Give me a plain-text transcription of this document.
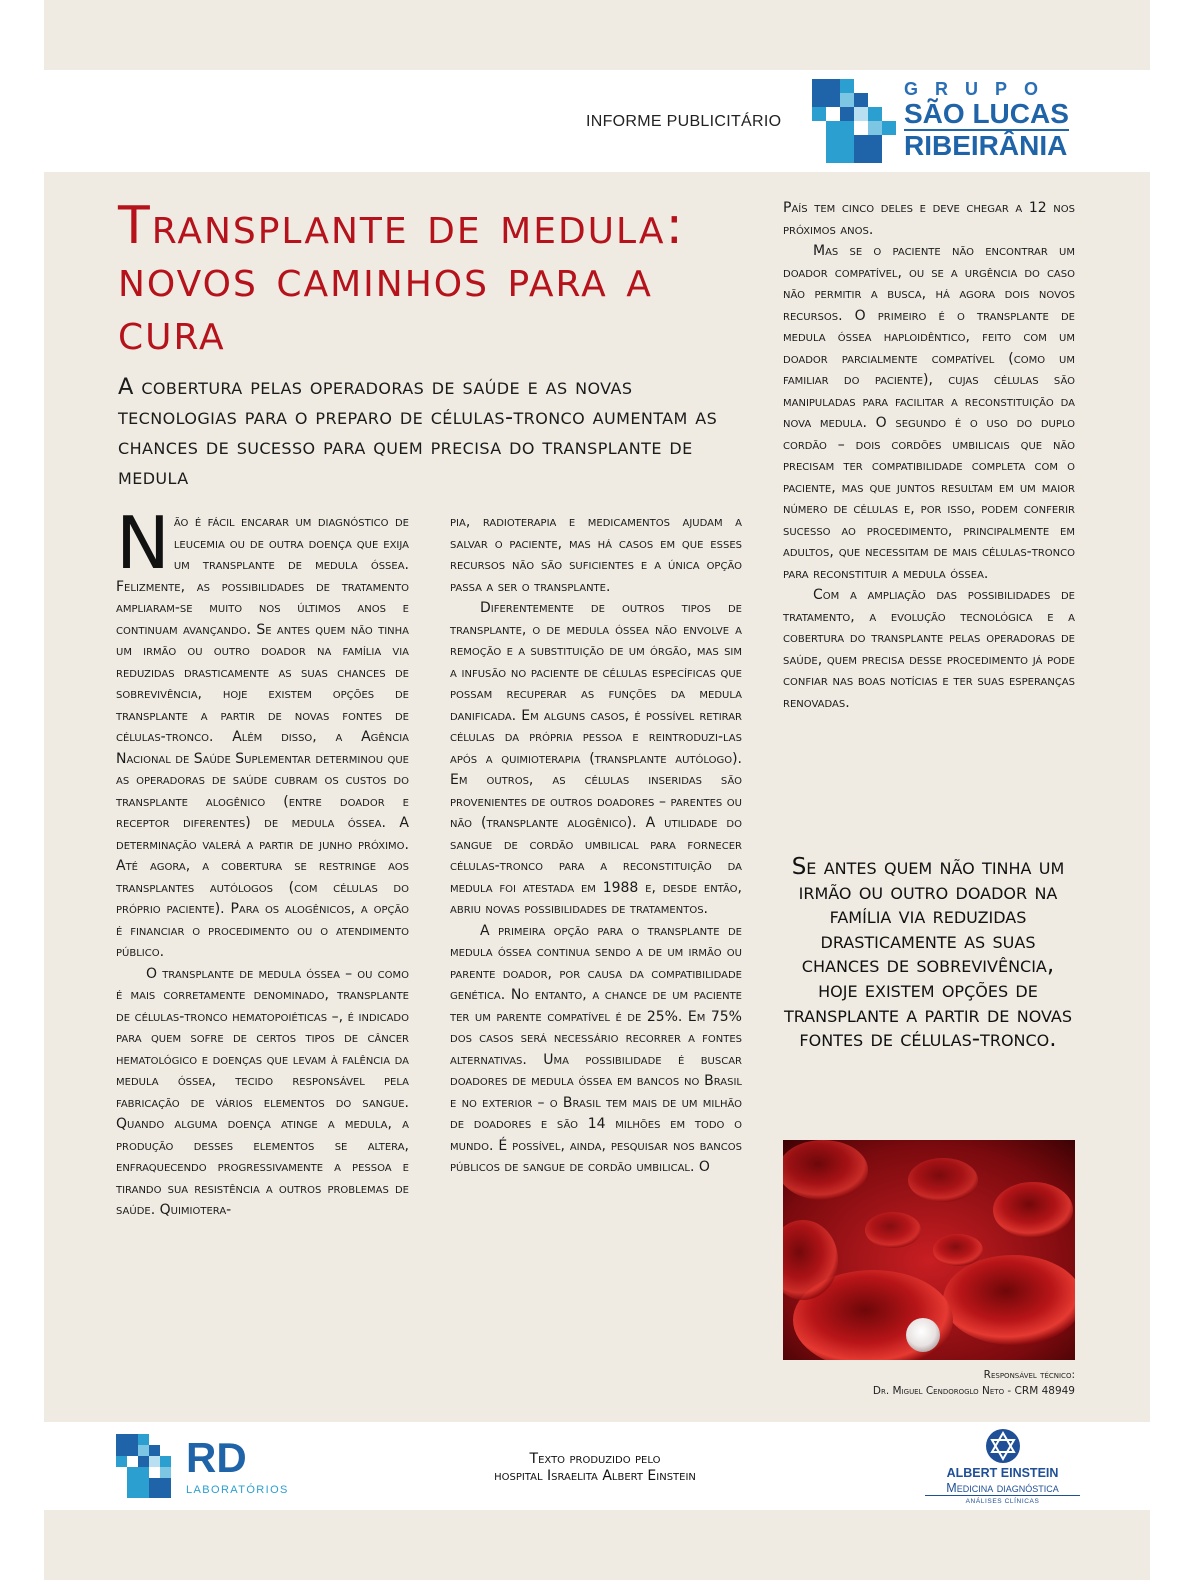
INFORME PUBLICITÁRIO
GRUPO
SÃO LUCAS
RIBEIRÂNIA
Transplante de medula: novos caminhos para a cura

A cobertura pelas operadoras de saúde e as novas tecnologias para o preparo de células-tronco aumentam as chances de sucesso para quem precisa do transplante de medula

Não é fácil encarar um diagnóstico de leucemia ou de outra doença que exija um transplante de medula óssea. Felizmente, as possibilidades de tratamento ampliaram-se muito nos últimos anos e continuam avançando. Se antes quem não tinha um irmão ou outro doador na família via reduzidas drasticamente as suas chances de sobrevivência, hoje existem opções de transplante a partir de novas fontes de células-tronco. Além disso, a Agência Nacional de Saúde Suplementar determinou que as operadoras de saúde cubram os custos do transplante alogênico (entre doador e receptor diferentes) de medula óssea. A determinação valerá a partir de junho próximo. Até agora, a cobertura se restringe aos transplantes autólogos (com células do próprio paciente). Para os alogênicos, a opção é financiar o procedimento ou o atendimento público.

O transplante de medula óssea – ou como é mais corretamente denominado, transplante de células-tronco hematopoiéticas –, é indicado para quem sofre de certos tipos de câncer hematológico e doenças que levam à falência da medula óssea, tecido responsável pela fabricação de vários elementos do sangue. Quando alguma doença atinge a medula, a produção desses elementos se altera, enfraquecendo progressivamente a pessoa e tirando sua resistência a outros problemas de saúde. Quimiotera-

pia, radioterapia e medicamentos ajudam a salvar o paciente, mas há casos em que esses recursos não são suficientes e a única opção passa a ser o transplante.

Diferentemente de outros tipos de transplante, o de medula óssea não envolve a remoção e a substituição de um órgão, mas sim a infusão no paciente de células específicas que possam recuperar as funções da medula danificada. Em alguns casos, é possível retirar células da própria pessoa e reintroduzi-las após a quimioterapia (transplante autólogo). Em outros, as células inseridas são provenientes de outros doadores – parentes ou não (transplante alogênico). A utilidade do sangue de cordão umbilical para fornecer células-tronco para a reconstituição da medula foi atestada em 1988 e, desde então, abriu novas possibilidades de tratamentos.

A primeira opção para o transplante de medula óssea continua sendo a de um irmão ou parente doador, por causa da compatibilidade genética. No entanto, a chance de um paciente ter um parente compatível é de 25%. Em 75% dos casos será necessário recorrer a fontes alternativas. Uma possibilidade é buscar doadores de medula óssea em bancos no Brasil e no exterior – o Brasil tem mais de um milhão de doadores e são 14 milhões em todo o mundo. É possível, ainda, pesquisar nos bancos públicos de sangue de cordão umbilical. O

País tem cinco deles e deve chegar a 12 nos próximos anos.

Mas se o paciente não encontrar um doador compatível, ou se a urgência do caso não permitir a busca, há agora dois novos recursos. O primeiro é o transplante de medula óssea haploidêntico, feito com um doador parcialmente compatível (como um familiar do paciente), cujas células são manipuladas para facilitar a reconstituição da nova medula. O segundo é o uso do duplo cordão – dois cordões umbilicais que não precisam ter compatibilidade completa com o paciente, mas que juntos resultam em um maior número de células e, por isso, podem conferir sucesso ao procedimento, principalmente em adultos, que necessitam de mais células-tronco para reconstituir a medula óssea.

Com a ampliação das possibilidades de tratamento, a evolução tecnológica e a cobertura do transplante pelas operadoras de saúde, quem precisa desse procedimento já pode confiar nas boas notícias e ter suas esperanças renovadas.

Se antes quem não tinha um irmão ou outro doador na família via reduzidas drasticamente as suas chances de sobrevivência, hoje existem opções de transplante a partir de novas fontes de células-tronco.

Responsável técnico:
Dr. Miguel Cendoroglo Neto - CRM 48949
RD
LABORATÓRIOS
Texto produzido pelo
hospital Israelita Albert Einstein	ALBERT EINSTEIN
Medicina diagnóstica
ANÁLISES CLÍNICAS
